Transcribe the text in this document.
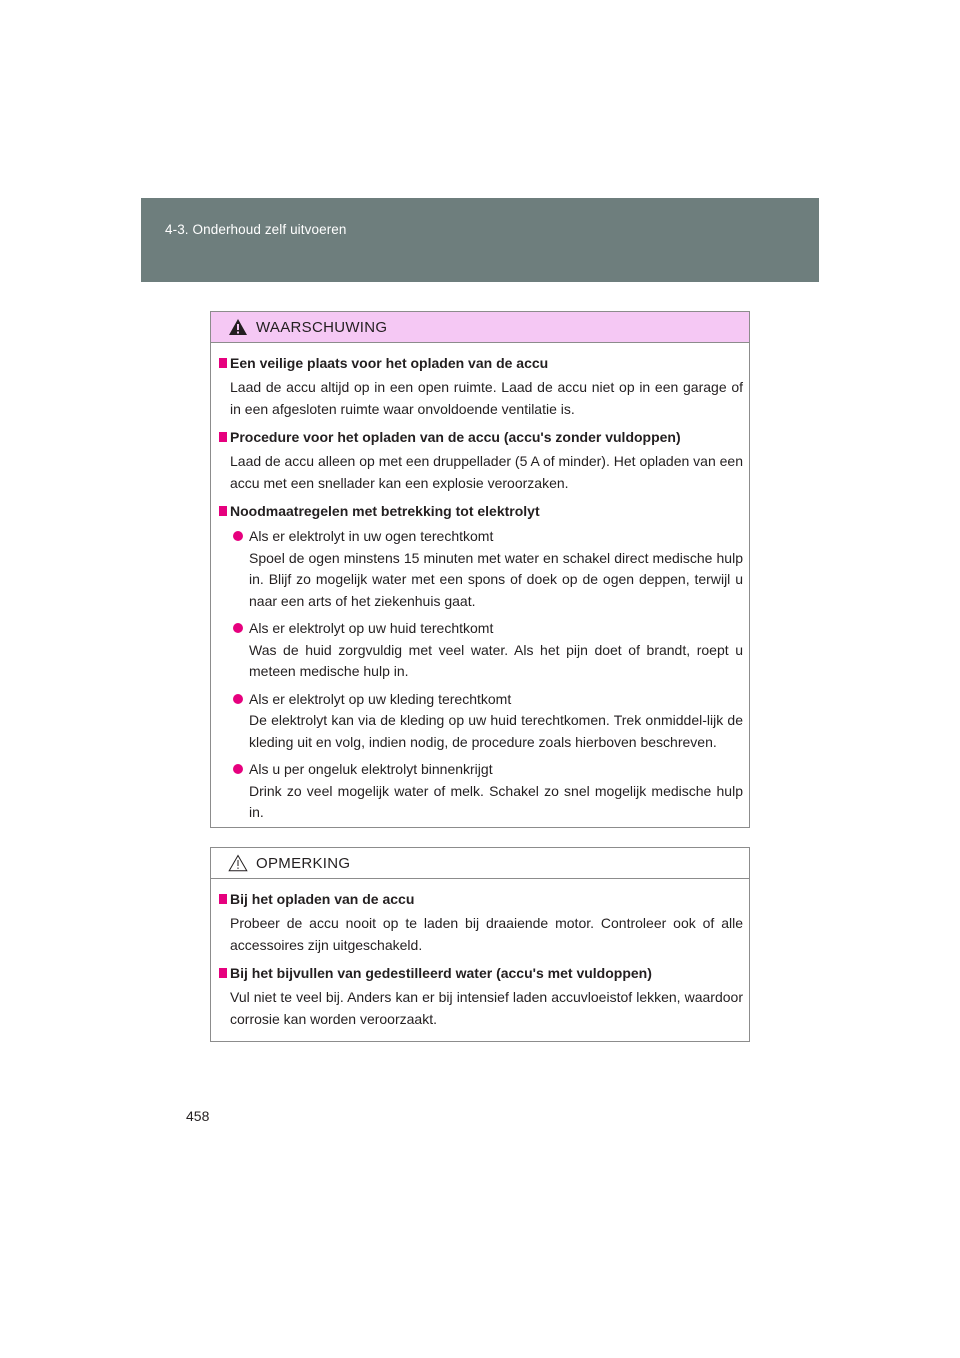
4-3. Onderhoud zelf uitvoeren
WAARSCHUWING
Een veilige plaats voor het opladen van de accu
Laad de accu altijd op in een open ruimte. Laad de accu niet op in een garage of in een afgesloten ruimte waar onvoldoende ventilatie is.
Procedure voor het opladen van de accu (accu's zonder vuldoppen)
Laad de accu alleen op met een druppellader (5 A of minder). Het opladen van een accu met een snellader kan een explosie veroorzaken.
Noodmaatregelen met betrekking tot elektrolyt
Als er elektrolyt in uw ogen terechtkomt
Spoel de ogen minstens 15 minuten met water en schakel direct medische hulp in. Blijf zo mogelijk water met een spons of doek op de ogen deppen, terwijl u naar een arts of het ziekenhuis gaat.
Als er elektrolyt op uw huid terechtkomt
Was de huid zorgvuldig met veel water. Als het pijn doet of brandt, roept u meteen medische hulp in.
Als er elektrolyt op uw kleding terechtkomt
De elektrolyt kan via de kleding op uw huid terechtkomen. Trek onmiddel-lijk de kleding uit en volg, indien nodig, de procedure zoals hierboven beschreven.
Als u per ongeluk elektrolyt binnenkrijgt
Drink zo veel mogelijk water of melk. Schakel zo snel mogelijk medische hulp in.
OPMERKING
Bij het opladen van de accu
Probeer de accu nooit op te laden bij draaiende motor. Controleer ook of alle accessoires zijn uitgeschakeld.
Bij het bijvullen van gedestilleerd water (accu's met vuldoppen)
Vul niet te veel bij. Anders kan er bij intensief laden accuvloeistof lekken, waardoor corrosie kan worden veroorzaakt.
458
